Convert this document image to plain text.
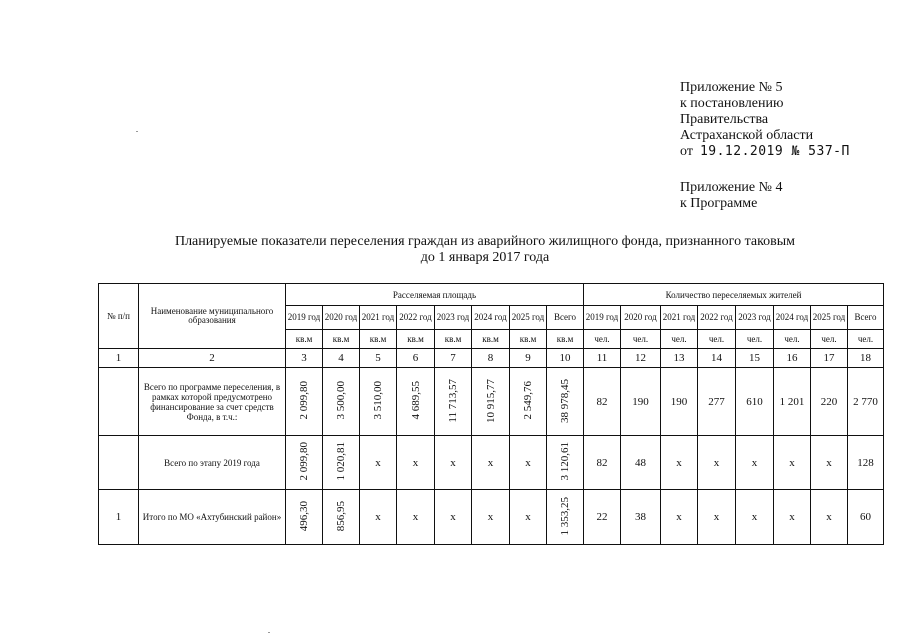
Приложение № 5
к постановлению
Правительства
Астраханской области
от 19.12.2019 № 537-П
Приложение № 4
к Программе
Планируемые показатели переселения граждан из аварийного жилищного фонда, признанного таковым
до 1 января 2017 года
№ п/п	Наименование муниципального образования	Расселяемая площадь								Количество переселяемых жителей							
		2019 год	2020 год	2021 год	2022 год	2023 год	2024 год	2025 год	Всего	2019 год	2020 год	2021 год	2022 год	2023 год	2024 год	2025 год	Всего
		кв.м	кв.м	кв.м	кв.м	кв.м	кв.м	кв.м	кв.м	чел.	чел.	чел.	чел.	чел.	чел.	чел.	чел.
1	2	3	4	5	6	7	8	9	10	11	12	13	14	15	16	17	18
	Всего по программе переселения, в рамках которой предусмотрено финансирование за счет средств Фонда, в т.ч.:	2 099,80	3 500,00	3 510,00	4 689,55	11 713,57	10 915,77	2 549,76	38 978,45	82	190	190	277	610	1 201	220	2 770
	Всего по этапу 2019 года	2 099,80	1 020,81	x	x	x	x	x	3 120,61	82	48	x	x	x	x	x	128
1	Итого по МО «Ахтубинский район»	496,30	856,95	x	x	x	x	x	1 353,25	22	38	x	x	x	x	x	60
